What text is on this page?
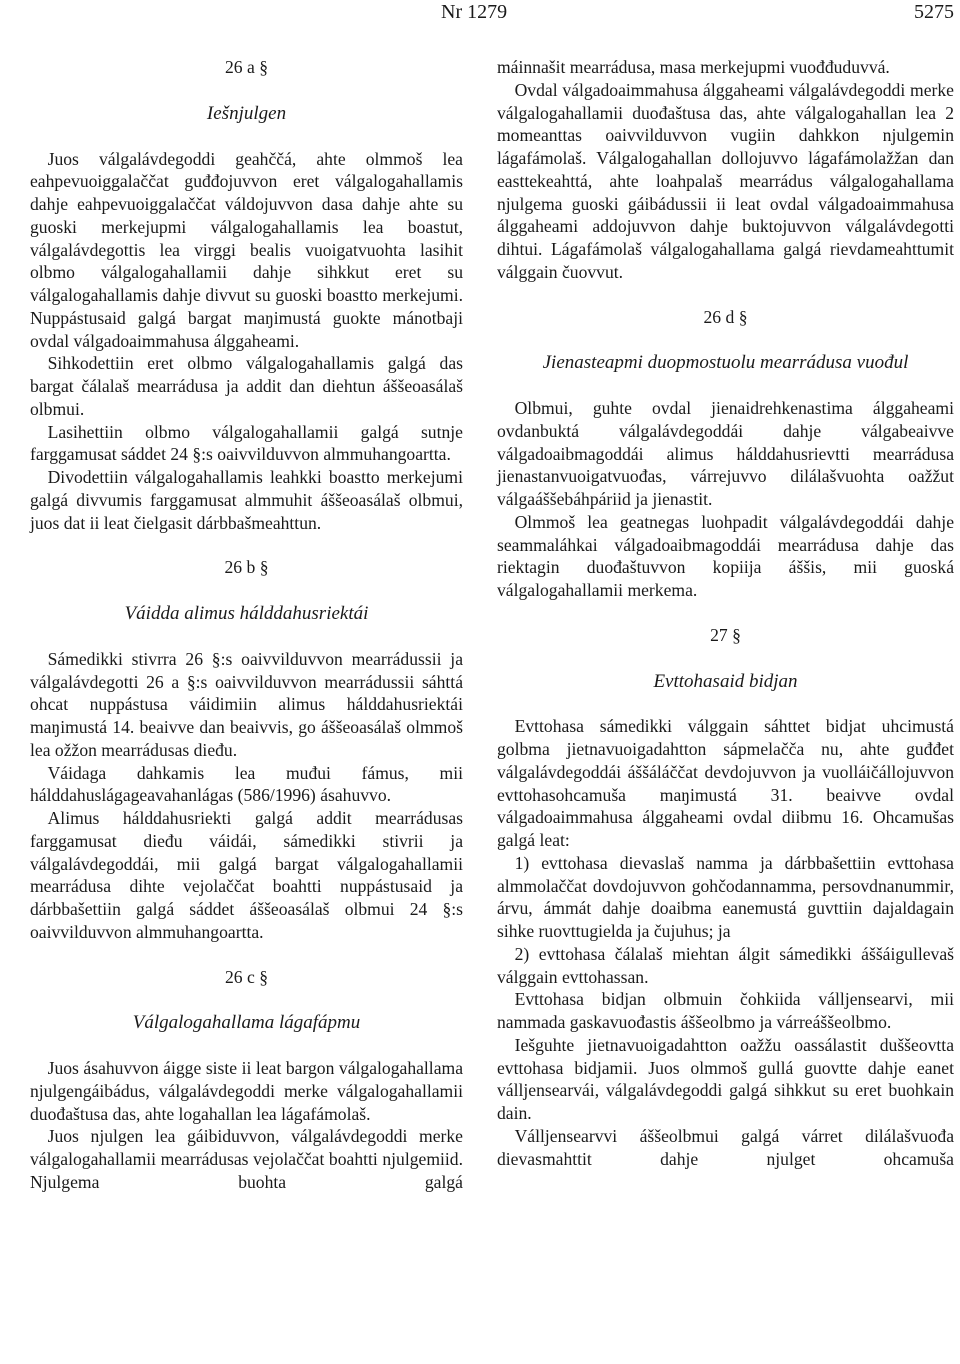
Nr 1279	5275
26 a §
Iešnjulgen

Juos válgalávdegoddi geahččá, ahte olmmoš lea eahpevuoiggalaččat guđđojuvvon eret válgalogahallamis dahje eahpevuoiggalaččat váldojuvvon dasa dahje ahte su guoski merkejupmi válgalogahallamis lea boastut, válgalávdegottis lea virggi bealis vuoigatvuohta lasihit olbmo válgalogahallamii dahje sihkkut eret su válgalogahallamis dahje divvut su guoski boastto merkejumi. Nuppástusaid galgá bargat maŋimustá guokte mánotbaji ovdal válgadoaimmahusa álggaheami.

Sihkodettiin eret olbmo válgalogahallamis galgá das bargat čálalaš mearrádusa ja addit dan diehtun áššeoasálaš olbmui.

Lasihettiin olbmo válgalogahallamii galgá sutnje farggamusat sáddet 24 §:s oaivvilduvvon almmuhangoartta.

Divodettiin válgalogahallamis leahkki boastto merkejumi galgá divvumis farggamusat almmuhit áššeoasálaš olbmui, juos dat ii leat čielgasit dárbbašmeahttun.

26 b §
Váidda alimus hálddahusriektái

Sámedikki stivrra 26 §:s oaivvilduvvon mearrádussii ja válgalávdegotti 26 a §:s oaivvilduvvon mearrádussii sáhttá ohcat nuppástusa váidimiin alimus hálddahusriektái maŋimustá 14. beaivve dan beaivvis, go áššeoasálaš olmmoš lea ožžon mearrádusas dieđu.

Váidaga dahkamis lea muđui fámus, mii hálddahuslágageavahanlágas (586/1996) ásahuvvo.

Alimus hálddahusriekti galgá addit mearrádusas farggamusat dieđu váidái, sámedikki stivrii ja válgalávdegoddái, mii galgá bargat válgalogahallamii mearrádusa dihte vejolaččat boahtti nuppástusaid ja dárbbašettiin galgá sáddet áššeoasálaš olbmui 24 §:s oaivvilduvvon almmuhangoartta.

26 c §
Válgalogahallama lágafápmu

Juos ásahuvvon áigge siste ii leat bargon válgalogahallama njulgengáibádus, válgalávdegoddi merke válgalogahallamii duođaštusa das, ahte logahallan lea lágafámolaš.

Juos njulgen lea gáibiduvvon, válgalávdegoddi merke válgalogahallamii mearrádusas vejolaččat boahtti njulgemiid. Njulgema buohta galgá

máinnašit mearrádusa, masa merkejupmi vuođđuduvvá.

Ovdal válgadoaimmahusa álggaheami válgalávdegoddi merke válgalogahallamii duođaštusa das, ahte válgalogahallan lea 2 momeanttas oaivvilduvvon vugiin dahkkon njulgemin lágafámolaš. Válgalogahallan dollojuvvo lágafámolažžan dan easttekeahttá, ahte loahpalaš mearrádus válgalogahallama njulgema guoski gáibádussii ii leat ovdal válgadoaimmahusa álggaheami addojuvvon dahje buktojuvvon válgalávdegotti dihtui. Lágafámolaš válgalogahallama galgá rievdameahttumit válggain čuovvut.

26 d §
Jienasteapmi duopmostuolu mearrádusa vuođul

Olbmui, guhte ovdal jienaidrehkenastima álggaheami ovdanbuktá válgalávdegoddái dahje válgabeaivve válgadoaibmagoddái alimus hálddahusrievtti mearrádusa jienastanvuoigatvuođas, várrejuvvo dilálašvuohta oažžut válgaáššebáhpáriid ja jienastit.

Olmmoš lea geatnegas luohpadit válgalávdegoddái dahje seammaláhkai válgadoaibmagoddái mearrádusa dahje das riektagin duođaštuvvon kopiija áššis, mii guoská válgalogahallamii merkema.

27 §
Evttohasaid bidjan

Evttohasa sámedikki válggain sáhttet bidjat uhcimustá golbma jietnavuoigadahtton sápmelačča nu, ahte guđđet válgalávdegoddái áššáláččat devdojuvvon ja vuolláičállojuvvon evttohasohcamuša maŋimustá 31. beaivve ovdal válgadoaimmahusa álggaheami ovdal diibmu 16. Ohcamušas galgá leat:

1) evttohasa dievaslaš namma ja dárbbašettiin evttohasa almmolaččat dovdojuvvon gohčodannamma, persovdnanummir, árvu, ámmát dahje doaibma eanemustá guvttiin dajaldagain sihke ruovttugielda ja čujuhus; ja

2) evttohasa čálalaš miehtan álgit sámedikki áššáigullevaš válggain evttohassan.

Evttohasa bidjan olbmuin čohkiida válljensearvi, mii nammada gaskavuođastis áššeolbmo ja várreáššeolbmo.

Iešguhte jietnavuoigadahtton oažžu oassálastit duššeovtta evttohasa bidjamii. Juos olmmoš gullá guovtte dahje eanet válljensearvái, válgalávdegoddi galgá sihkkut su eret buohkain dain.

Válljensearvvi áššeolbmui galgá várret dilálašvuođa dievasmahttit dahje njulget ohcamuša
